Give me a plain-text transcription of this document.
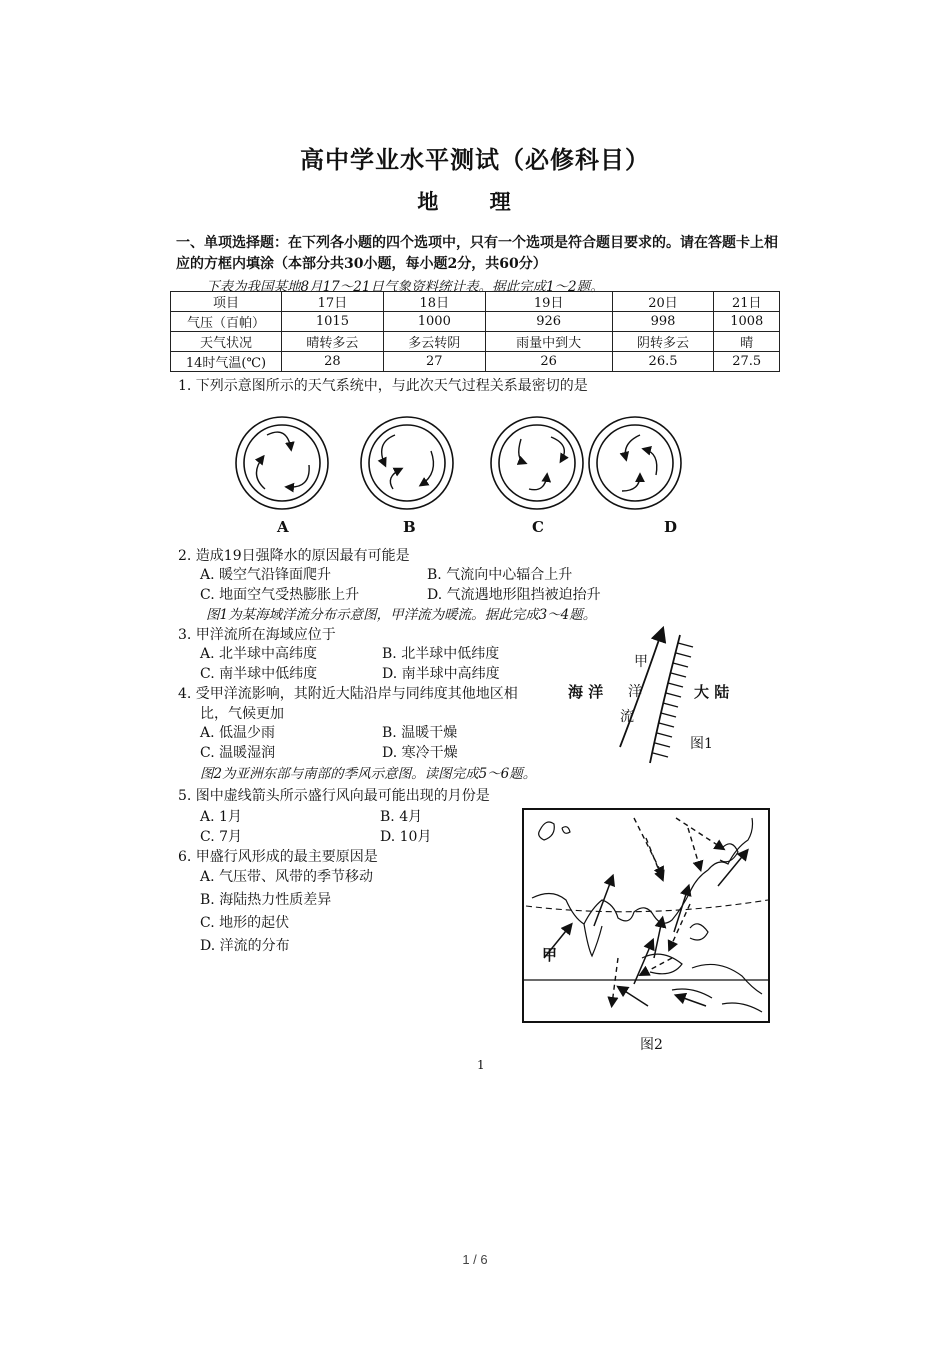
高中学业水平测试（必修科目）
地 理
一、单项选择题：在下列各小题的四个选项中，只有一个选项是符合题目要求的。请在答题卡上相应的方框内填涂（本部分共30小题，每小题2分，共60分）
下表为我国某地8月17～21日气象资料统计表。据此完成1～2题。
项目	17日	18日	19日	20日	21日
气压（百帕）	1015	1000	926	998	1008
天气状况	晴转多云	多云转阴	雨量中到大	阴转多云	晴
14时气温(℃)	28	27	26	26.5	27.5
1. 下列示意图所示的天气系统中，与此次天气过程关系最密切的是
A	B	C	D
2. 造成19日强降水的原因最有可能是
A. 暖空气沿锋面爬升	B. 气流向中心辐合上升
C. 地面空气受热膨胀上升	D. 气流遇地形阻挡被迫抬升
图1为某海域洋流分布示意图，甲洋流为暖流。据此完成3～4题。
3. 甲洋流所在海域应位于
A. 北半球中高纬度	B. 北半球中低纬度
C. 南半球中低纬度	D. 南半球中高纬度
4. 受甲洋流影响，其附近大陆沿岸与同纬度其他地区相
比，气候更加
A. 低温少雨	B. 温暖干燥
C. 温暖湿润	D. 寒冷干燥
甲
洋
流
海 洋	大 陆
图1
图2为亚洲东部与南部的季风示意图。读图完成5～6题。
5. 图中虚线箭头所示盛行风向最可能出现的月份是
A. 1月	B. 4月
C. 7月	D. 10月
6. 甲盛行风形成的最主要原因是
A. 气压带、风带的季节移动
B. 海陆热力性质差异
C. 地形的起伏
D. 洋流的分布	甲
图2
1
1 / 6
